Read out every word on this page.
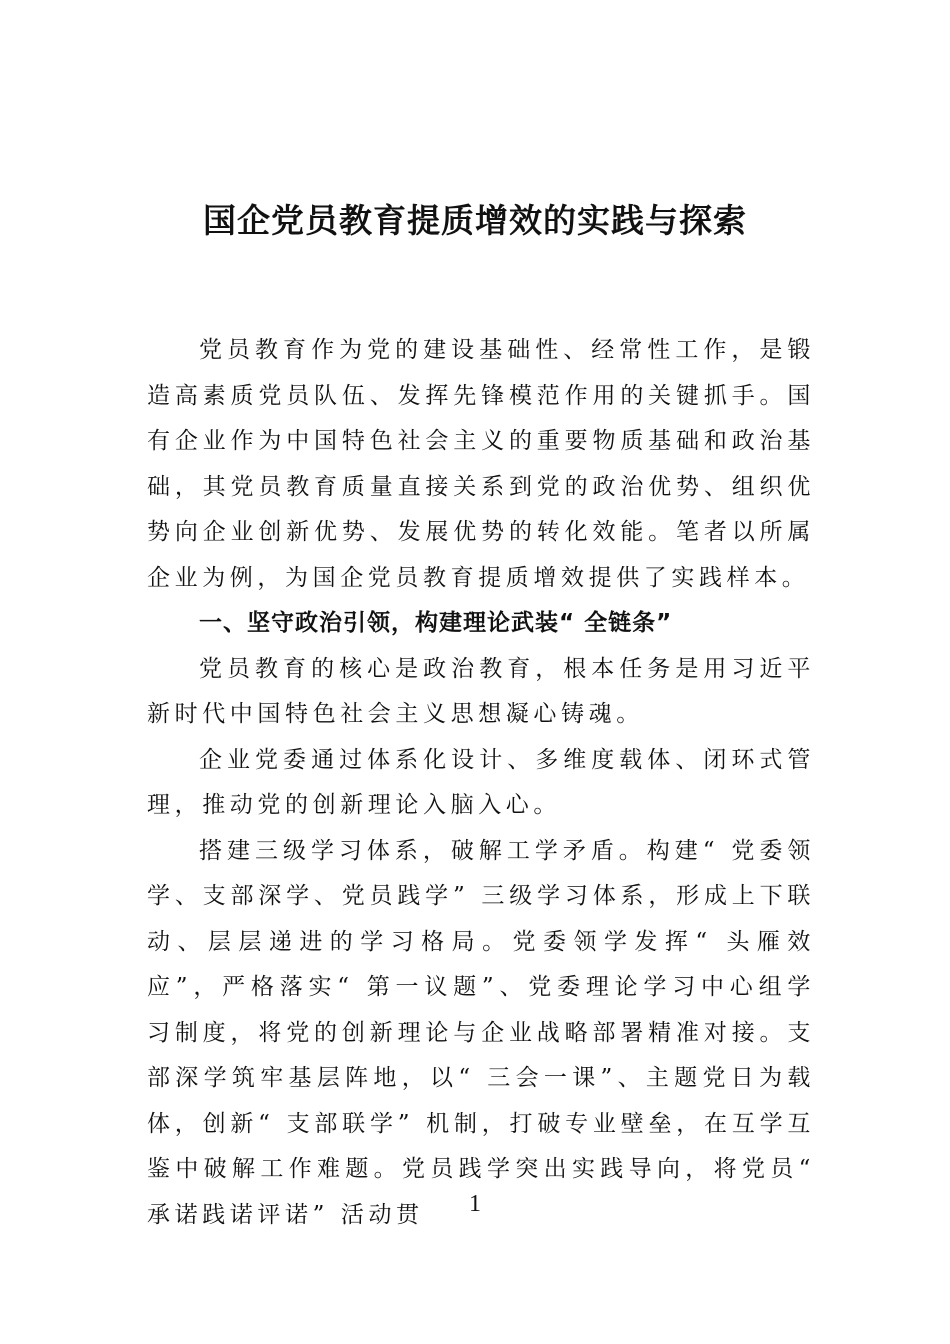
国企党员教育提质增效的实践与探索

党员教育作为党的建设基础性、经常性工作，是锻造高素质党员队伍、发挥先锋模范作用的关键抓手。国有企业作为中国特色社会主义的重要物质基础和政治基础，其党员教育质量直接关系到党的政治优势、组织优势向企业创新优势、发展优势的转化效能。笔者以所属企业为例，为国企党员教育提质增效提供了实践样本。

一、坚守政治引领，构建理论武装“ 全链条”

党员教育的核心是政治教育，根本任务是用习近平新时代中国特色社会主义思想凝心铸魂。

企业党委通过体系化设计、多维度载体、闭环式管理，推动党的创新理论入脑入心。

搭建三级学习体系，破解工学矛盾。构建“ 党委领学、支部深学、党员践学” 三级学习体系，形成上下联动、层层递进的学习格局。党委领学发挥“ 头雁效应”，严格落实“ 第一议题”、党委理论学习中心组学习制度，将党的创新理论与企业战略部署精准对接。支部深学筑牢基层阵地，以“ 三会一课”、主题党日为载体，创新“ 支部联学” 机制，打破专业壁垒，在互学互鉴中破解工作难题。党员践学突出实践导向，将党员“ 承诺践诺评诺” 活动贯	1
